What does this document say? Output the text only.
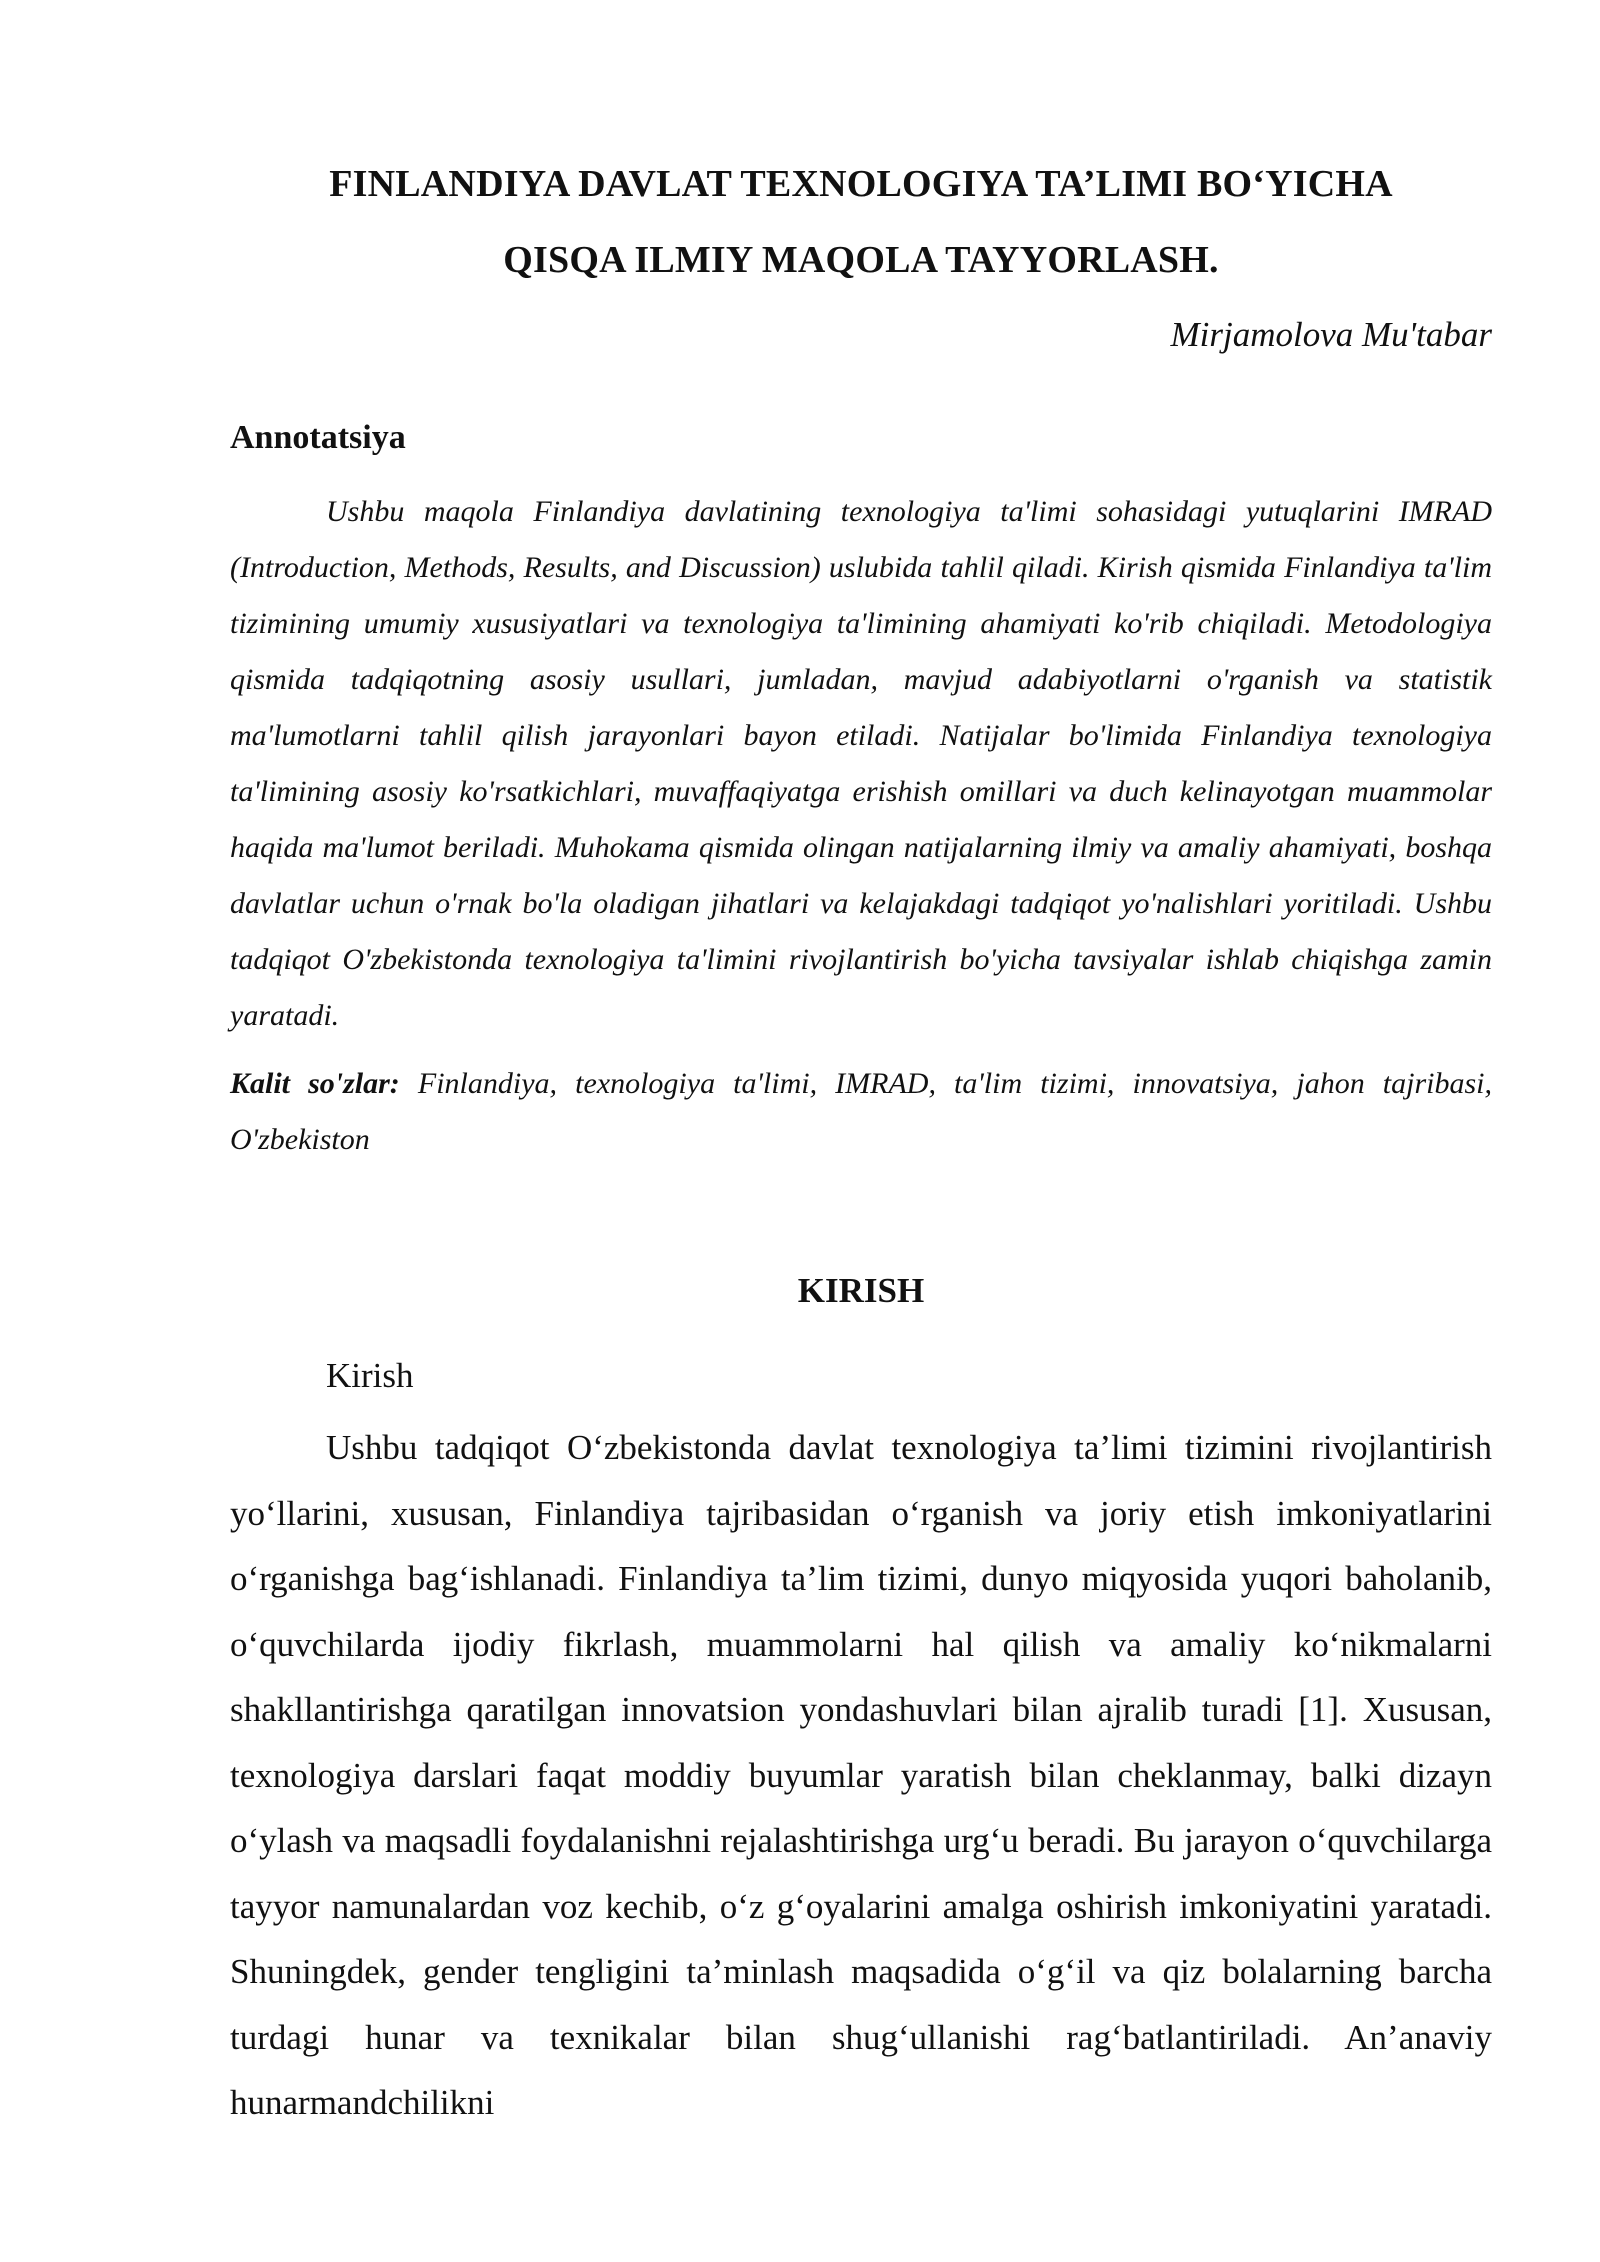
FINLANDIYA DAVLAT TEXNOLOGIYA TA’LIMI BO‘YICHA
QISQA ILMIY MAQOLA TAYYORLASH.
Mirjamolova Mu'tabar
Annotatsiya

Ushbu maqola Finlandiya davlatining texnologiya ta'limi sohasidagi yutuqlarini IMRAD (Introduction, Methods, Results, and Discussion) uslubida tahlil qiladi. Kirish qismida Finlandiya ta'lim tizimining umumiy xususiyatlari va texnologiya ta'limining ahamiyati ko'rib chiqiladi. Metodologiya qismida tadqiqotning asosiy usullari, jumladan, mavjud adabiyotlarni o'rganish va statistik ma'lumotlarni tahlil qilish jarayonlari bayon etiladi. Natijalar bo'limida Finlandiya texnologiya ta'limining asosiy ko'rsatkichlari, muvaffaqiyatga erishish omillari va duch kelinayotgan muammolar haqida ma'lumot beriladi. Muhokama qismida olingan natijalarning ilmiy va amaliy ahamiyati, boshqa davlatlar uchun o'rnak bo'la oladigan jihatlari va kelajakdagi tadqiqot yo'nalishlari yoritiladi. Ushbu tadqiqot O'zbekistonda texnologiya ta'limini rivojlantirish bo'yicha tavsiyalar ishlab chiqishga zamin yaratadi.

Kalit so'zlar: Finlandiya, texnologiya ta'limi, IMRAD, ta'lim tizimi, innovatsiya, jahon tajribasi, O'zbekiston

KIRISH
Kirish

Ushbu tadqiqot O‘zbekistonda davlat texnologiya ta’limi tizimini rivojlantirish yo‘llarini, xususan, Finlandiya tajribasidan o‘rganish va joriy etish imkoniyatlarini o‘rganishga bag‘ishlanadi. Finlandiya ta’lim tizimi, dunyo miqyosida yuqori baholanib, o‘quvchilarda ijodiy fikrlash, muammolarni hal qilish va amaliy ko‘nikmalarni shakllantirishga qaratilgan innovatsion yondashuvlari bilan ajralib turadi [1]. Xususan, texnologiya darslari faqat moddiy buyumlar yaratish bilan cheklanmay, balki dizayn o‘ylash va maqsadli foydalanishni rejalashtirishga urg‘u beradi. Bu jarayon o‘quvchilarga tayyor namunalardan voz kechib, o‘z g‘oyalarini amalga oshirish imkoniyatini yaratadi. Shuningdek, gender tengligini ta’minlash maqsadida o‘g‘il va qiz bolalarning barcha turdagi hunar va texnikalar bilan shug‘ullanishi rag‘batlantiriladi. An’anaviy hunarmandchilikni
